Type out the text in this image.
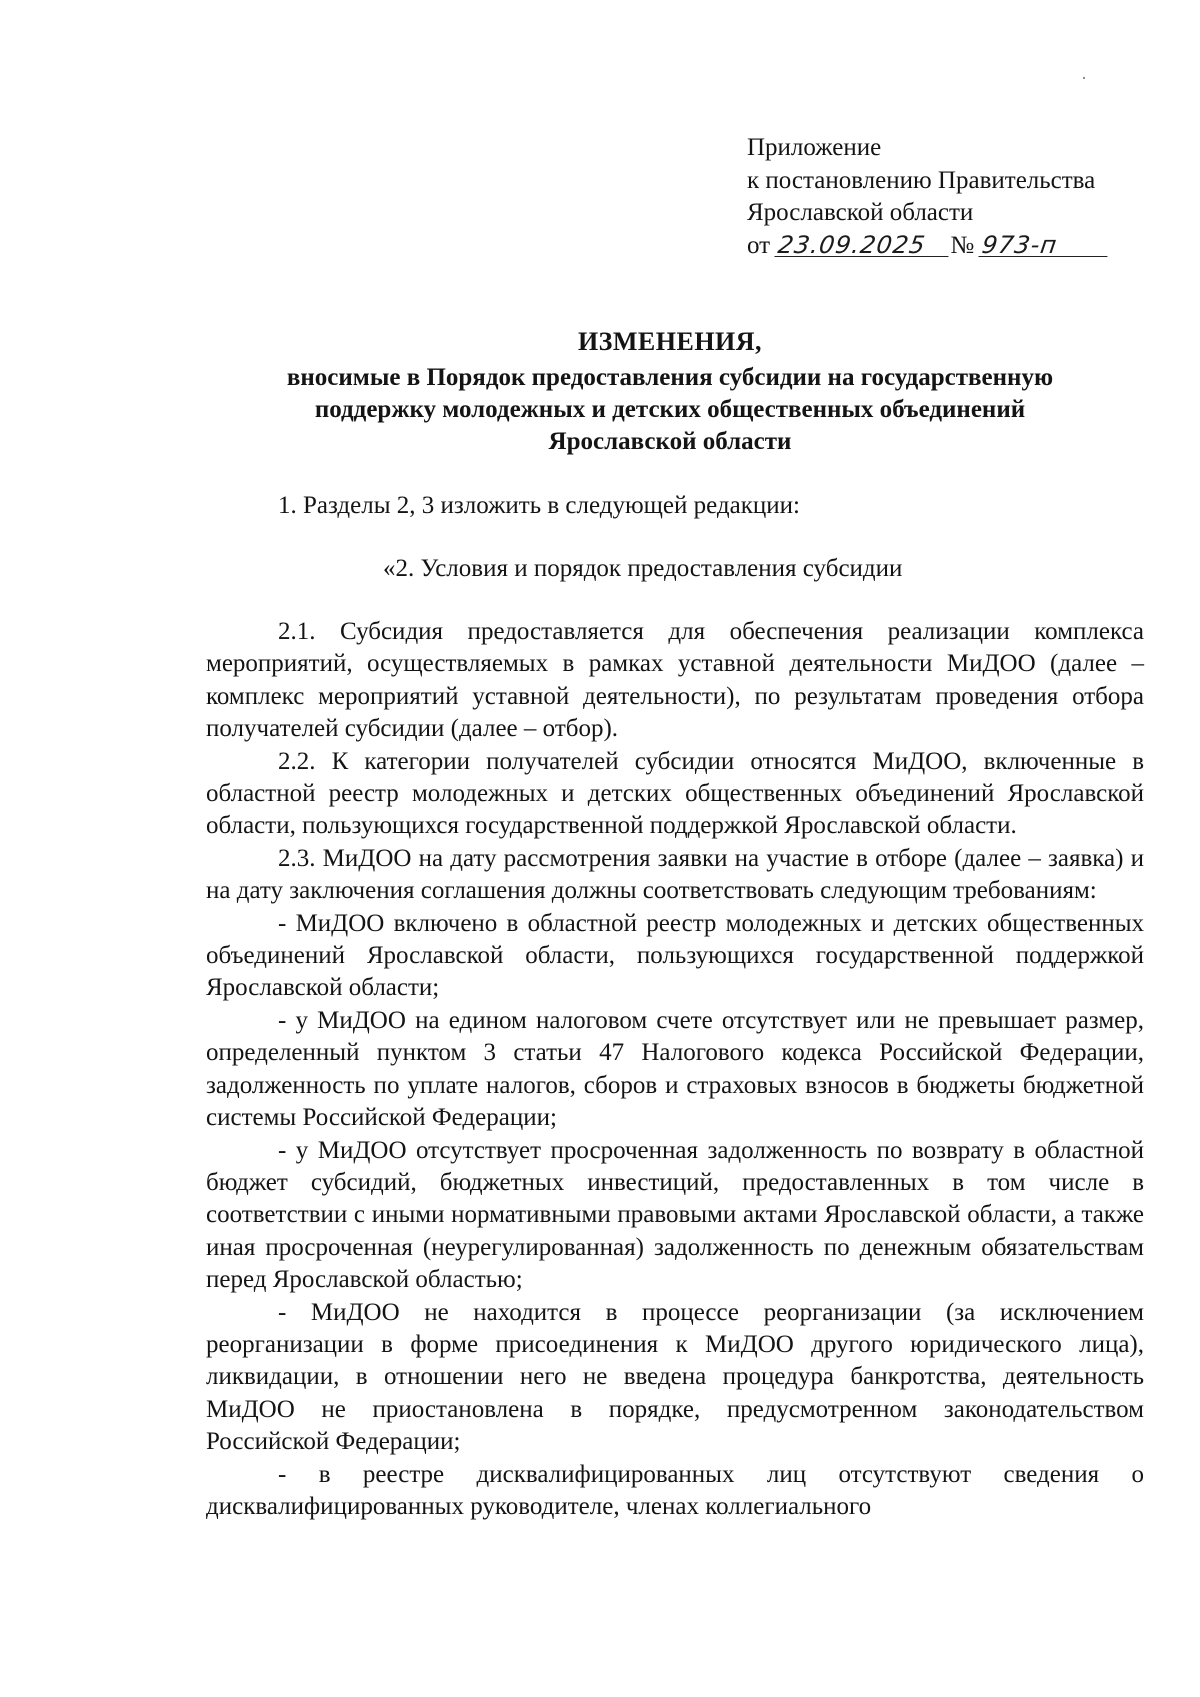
Приложение
к постановлению Правительства
Ярославской области
от 23.09.2025 № 973-п
ИЗМЕНЕНИЯ,
вносимые в Порядок предоставления субсидии на государственную
поддержку молодежных и детских общественных объединений
Ярославской области
1. Разделы 2, 3 изложить в следующей редакции:
«2. Условия и порядок предоставления субсидии

2.1. Субсидия предоставляется для обеспечения реализации комплекса мероприятий, осуществляемых в рамках уставной деятельности МиДОО (далее – комплекс мероприятий уставной деятельности), по результатам проведения отбора получателей субсидии (далее – отбор).

2.2. К категории получателей субсидии относятся МиДОО, включенные в областной реестр молодежных и детских общественных объединений Ярославской области, пользующихся государственной поддержкой Ярославской области.

2.3. МиДОО на дату рассмотрения заявки на участие в отборе (далее – заявка) и на дату заключения соглашения должны соответствовать следующим требованиям:

- МиДОО включено в областной реестр молодежных и детских общественных объединений Ярославской области, пользующихся государственной поддержкой Ярославской области;

- у МиДОО на едином налоговом счете отсутствует или не превышает размер, определенный пунктом 3 статьи 47 Налогового кодекса Российской Федерации, задолженность по уплате налогов, сборов и страховых взносов в бюджеты бюджетной системы Российской Федерации;

- у МиДОО отсутствует просроченная задолженность по возврату в областной бюджет субсидий, бюджетных инвестиций, предоставленных в том числе в соответствии с иными нормативными правовыми актами Ярославской области, а также иная просроченная (неурегулированная) задолженность по денежным обязательствам перед Ярославской областью;

- МиДОО не находится в процессе реорганизации (за исключением реорганизации в форме присоединения к МиДОО другого юридического лица), ликвидации, в отношении него не введена процедура банкротства, деятельность МиДОО не приостановлена в порядке, предусмотренном законодательством Российской Федерации;

- в реестре дисквалифицированных лиц отсутствуют сведения о дисквалифицированных руководителе, членах коллегиального
